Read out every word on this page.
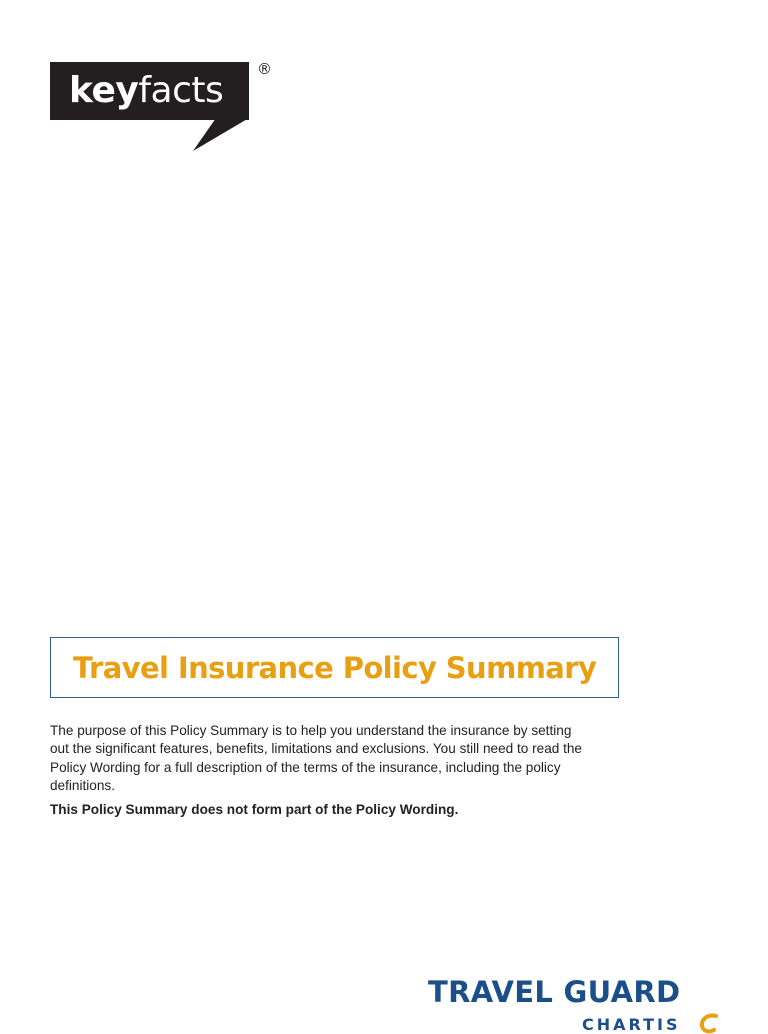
keyfacts
®
Travel Insurance Policy Summary

The purpose of this Policy Summary is to help you understand the insurance by setting out the significant features, benefits, limitations and exclusions. You still need to read the Policy Wording for a full description of the terms of the insurance, including the policy definitions.

This Policy Summary does not form part of the Policy Wording.

TRAVEL GUARD
CHARTIS
